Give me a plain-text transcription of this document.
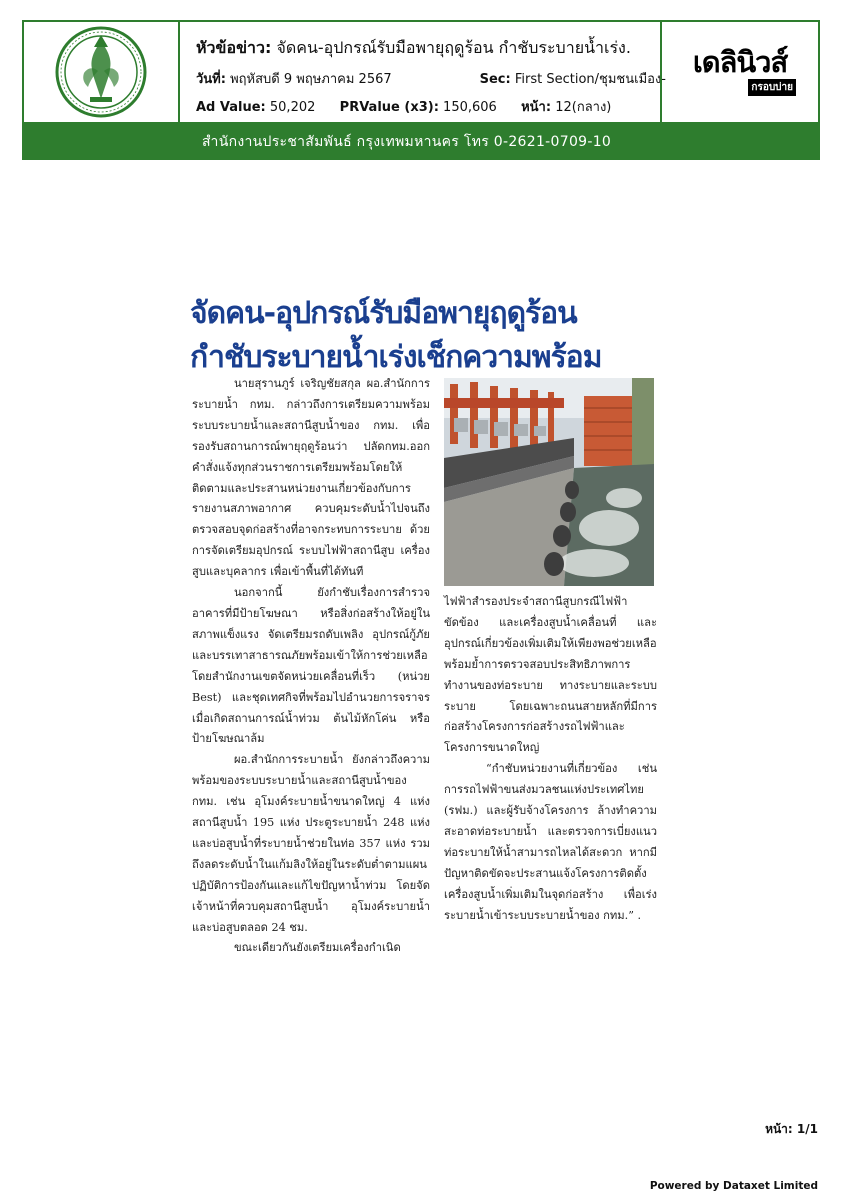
หัวข้อข่าว: จัดคน-อุปกรณ์รับมือพายุฤดูร้อน กำชับระบายน้ำเร่ง.
วันที่: พฤหัสบดี 9 พฤษภาคม 2567	Sec: First Section/ชุมชนเมือง-
Ad Value: 50,202 PRValue (x3): 150,606 หน้า: 12(กลาง)
เดลินิวส์
กรอบบ่าย
สำนักงานประชาสัมพันธ์ กรุงเทพมหานคร โทร 0-2621-0709-10
จัดคน-อุปกรณ์รับมือพายุฤดูร้อน
กำชับระบายน้ำเร่งเช็กความพร้อม

นายสุรานภูร์ เจริญชัยสกุล ผอ.สำนักการระบายน้ำ กทม. กล่าวถึงการเตรียมความพร้อมระบบระบายน้ำและสถานีสูบน้ำของ กทม. เพื่อรองรับสถานการณ์พายุฤดูร้อนว่า ปลัดกทม.ออกคำสั่งแจ้งทุกส่วนราชการเตรียมพร้อมโดยให้ติดตามและประสานหน่วยงานเกี่ยวข้องกับการรายงานสภาพอากาศ ควบคุมระดับน้ำไปจนถึงตรวจสอบจุดก่อสร้างที่อาจกระทบการระบาย ด้วยการจัดเตรียมอุปกรณ์ ระบบไฟฟ้าสถานีสูบ เครื่องสูบและบุคลากร เพื่อเข้าพื้นที่ได้ทันที

นอกจากนี้ ยังกำชับเรื่องการสำรวจอาคารที่มีป้ายโฆษณา หรือสิ่งก่อสร้างให้อยู่ในสภาพแข็งแรง จัดเตรียมรถดับเพลิง อุปกรณ์กู้ภัย และบรรเทาสาธารณภัยพร้อมเข้าให้การช่วยเหลือ โดยสำนักงานเขตจัดหน่วยเคลื่อนที่เร็ว (หน่วย Best) และชุดเทศกิจที่พร้อมไปอำนวยการจราจร เมื่อเกิดสถานการณ์น้ำท่วม ต้นไม้หักโค่น หรือป้ายโฆษณาล้ม

ผอ.สำนักการระบายน้ำ ยังกล่าวถึงความพร้อมของระบบระบายน้ำและสถานีสูบน้ำของ กทม. เช่น อุโมงค์ระบายน้ำขนาดใหญ่ 4 แห่ง สถานีสูบน้ำ 195 แห่ง ประตูระบายน้ำ 248 แห่ง และบ่อสูบน้ำที่ระบายน้ำช่วยในท่อ 357 แห่ง รวมถึงลดระดับน้ำในแก้มลิงให้อยู่ในระดับต่ำตามแผนปฏิบัติการป้องกันและแก้ไขปัญหาน้ำท่วม โดยจัดเจ้าหน้าที่ควบคุมสถานีสูบน้ำ อุโมงค์ระบายน้ำและบ่อสูบตลอด 24 ชม.

ขณะเดียวกันยังเตรียมเครื่องกำเนิด

ไฟฟ้าสำรองประจำสถานีสูบกรณีไฟฟ้าขัดข้อง และเครื่องสูบน้ำเคลื่อนที่ และอุปกรณ์เกี่ยวข้องเพิ่มเติมให้เพียงพอช่วยเหลือ พร้อมย้ำการตรวจสอบประสิทธิภาพการทำงานของท่อระบาย ทางระบายและระบบระบาย โดยเฉพาะถนนสายหลักที่มีการก่อสร้างโครงการก่อสร้างรถไฟฟ้าและโครงการขนาดใหญ่

“กำชับหน่วยงานที่เกี่ยวข้อง เช่น การรถไฟฟ้าขนส่งมวลชนแห่งประเทศไทย (รฟม.) และผู้รับจ้างโครงการ ล้างทำความสะอาดท่อระบายน้ำ และตรวจการเบี่ยงแนวท่อระบายให้น้ำสามารถไหลได้สะดวก หากมีปัญหาติดขัดจะประสานแจ้งโครงการติดตั้งเครื่องสูบน้ำเพิ่มเติมในจุดก่อสร้าง เพื่อเร่งระบายน้ำเข้าระบบระบายน้ำของ กทม.” .

หน้า: 1/1
Powered by Dataxet Limited
